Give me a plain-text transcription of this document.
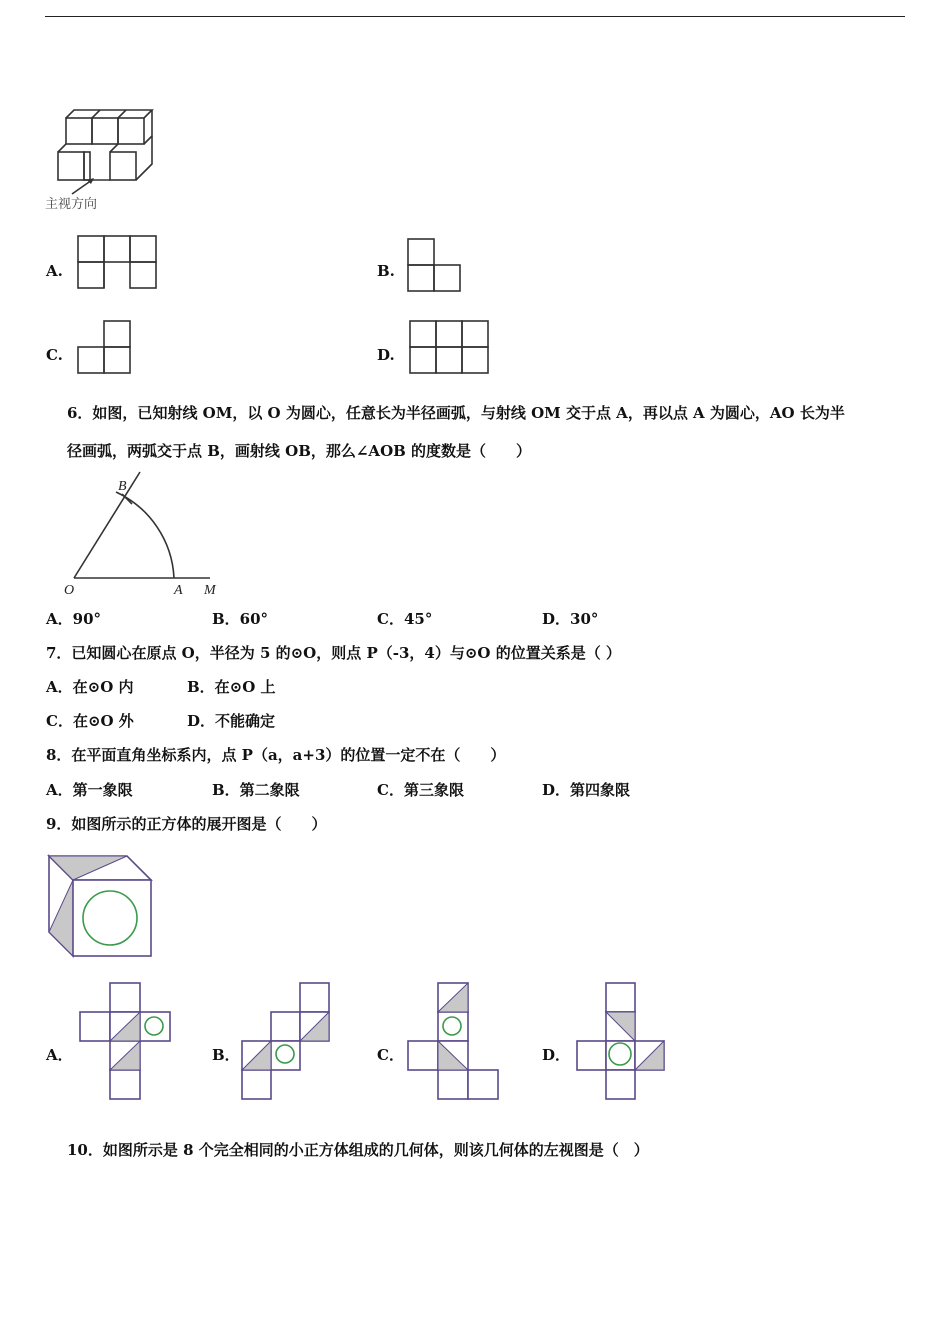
主视方向
A.	B.
C.	D.
6．如图，已知射线 OM，以 O 为圆心，任意长为半径画弧，与射线 OM 交于点 A，再以点 A 为圆心，AO 长为半
径画弧，两弧交于点 B，画射线 OB，那么∠AOB 的度数是（　　）
B
O	A M
A．90°	B．60°	C．45°	D．30°
7．已知圆心在原点 O，半径为 5 的⊙O，则点 P（-3，4）与⊙O 的位置关系是（ ）
A．在⊙O 内	B．在⊙O 上
C．在⊙O 外	D．不能确定
8．在平面直角坐标系内，点 P（a，a+3）的位置一定不在（　　）
A．第一象限	B．第二象限	C．第三象限	D．第四象限
9．如图所示的正方体的展开图是（　　）
A．	B．	C．	D．
10．如图所示是 8 个完全相同的小正方体组成的几何体，则该几何体的左视图是（　）
